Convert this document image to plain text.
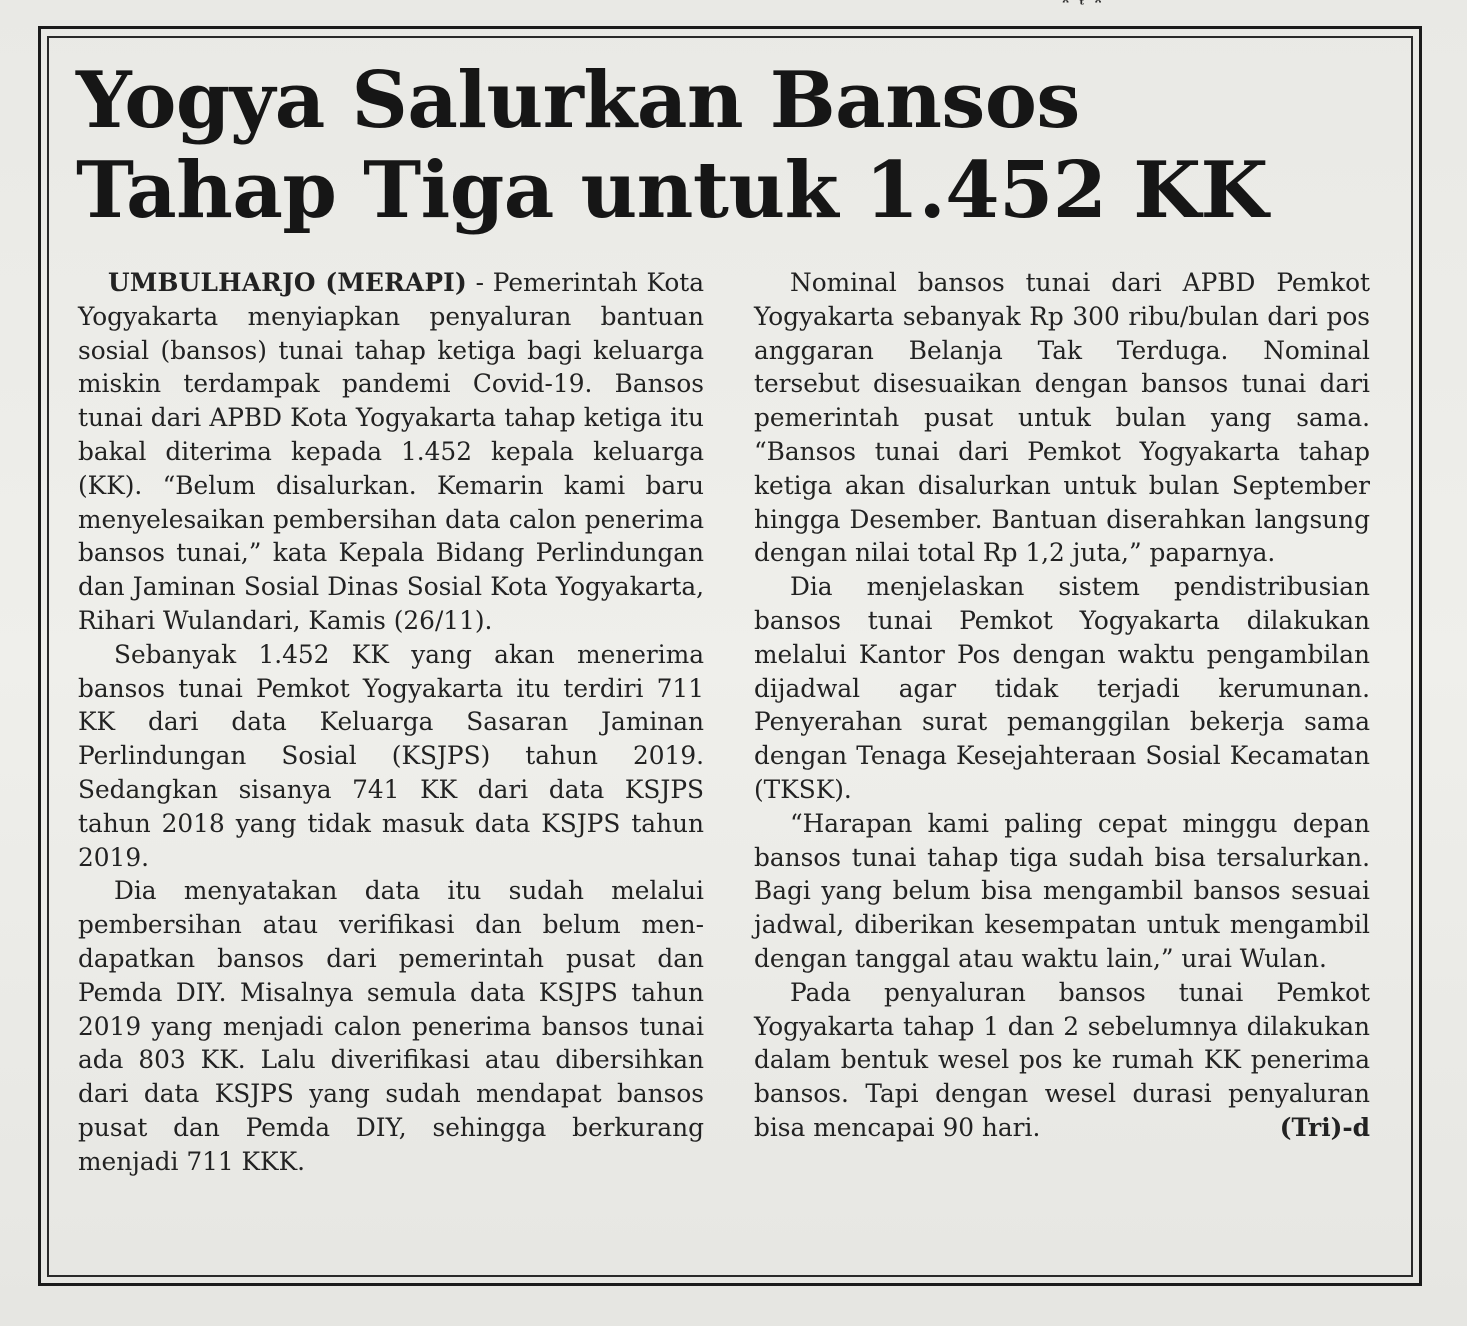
ᵔ ᵗ ᵔ
Yogya Salurkan Bansos
Tahap Tiga untuk 1.452 KK

UMBULHARJO (MERAPI) - Pemerintah Kota Yogyakarta menyiapkan penyaluran bantuan sosial (bansos) tunai tahap ketiga bagi keluarga miskin terdampak pandemi Covid-19. Bansos tunai dari APBD Kota Yogyakarta tahap ketiga itu bakal diterima kepada 1.452 kepala keluarga (KK). “Belum disalurkan. Kemarin kami baru menyelesaikan pembersihan data calon penerima bansos tunai,” kata Kepala Bidang Perlindungan dan Jaminan Sosial Dinas Sosial Kota Yogyakarta, Rihari Wulandari, Kamis (26/11).

Sebanyak 1.452 KK yang akan menerima bansos tunai Pemkot Yogyakarta itu terdiri 711 KK dari data Keluarga Sasaran Jaminan Perlindungan Sosial (KSJPS) tahun 2019. Sedangkan sisanya 741 KK dari data KSJPS tahun 2018 yang tidak masuk data KSJPS tahun 2019.

Dia menyatakan data itu sudah melalui pembersihan atau verifikasi dan belum mendapatkan bansos dari pemerintah pusat dan Pemda DIY. Misalnya semula data KSJPS tahun 2019 yang menjadi calon penerima bansos tunai ada 803 KK. Lalu diverifikasi atau dibersihkan dari data KSJPS yang sudah mendapat bansos pusat dan Pemda DIY, sehingga berkurang menjadi 711 KKK.

Nominal bansos tunai dari APBD Pemkot Yogyakarta sebanyak Rp 300 ribu/bulan dari pos anggaran Belanja Tak Terduga. Nominal tersebut disesuaikan dengan bansos tunai dari pemerintah pusat untuk bulan yang sama. “Bansos tunai dari Pemkot Yogyakarta tahap ketiga akan disalurkan untuk bulan September hingga Desember. Bantuan diserahkan langsung dengan nilai total Rp 1,2 juta,” paparnya.

Dia menjelaskan sistem pendistribusian bansos tunai Pemkot Yogyakarta dilakukan melalui Kantor Pos dengan waktu pengambilan dijadwal agar tidak terjadi kerumunan. Penyerahan surat pemanggilan bekerja sama dengan Tenaga Kesejahteraan Sosial Kecamatan (TKSK).

“Harapan kami paling cepat minggu depan bansos tunai tahap tiga sudah bisa tersalurkan. Bagi yang belum bisa mengambil bansos sesuai jadwal, diberikan kesempatan untuk mengambil dengan tanggal atau waktu lain,” urai Wulan.

Pada penyaluran bansos tunai Pemkot Yogyakarta tahap 1 dan 2 sebelumnya dilakukan dalam bentuk wesel pos ke rumah KK penerima bansos. Tapi dengan wesel durasi penyaluran bisa mencapai 90 hari.	(Tri)-d
